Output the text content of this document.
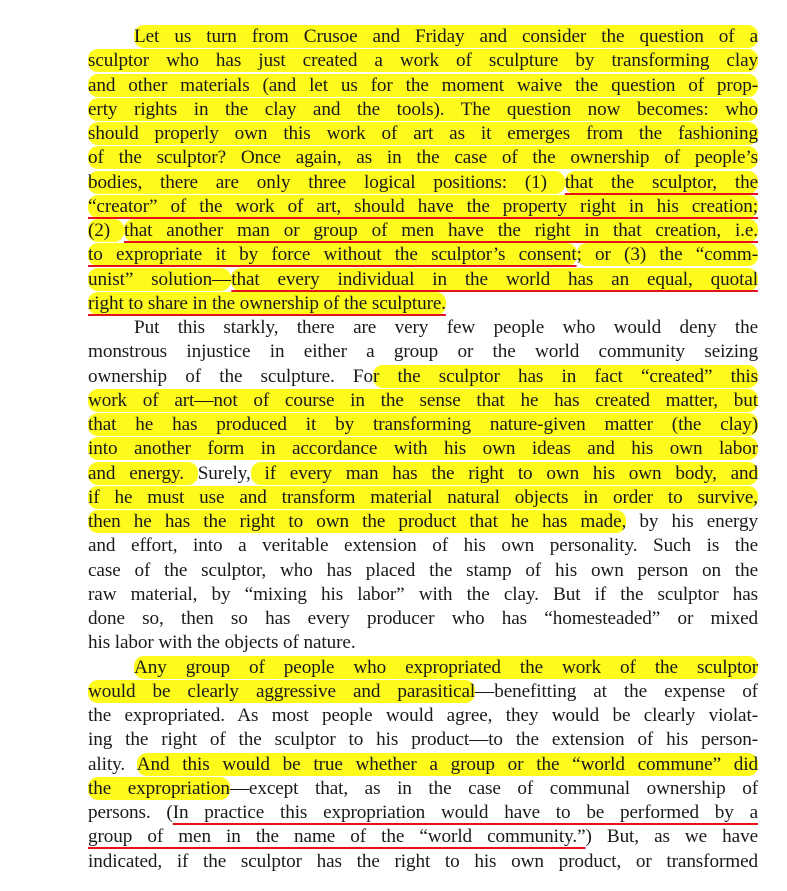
Let us turn from Crusoe and Friday and consider the question of a
sculptor who has just created a work of sculpture by transforming clay
and other materials (and let us for the moment waive the question of prop-
erty rights in the clay and the tools). The question now becomes: who
should properly own this work of art as it emerges from the fashioning
of the sculptor? Once again, as in the case of the ownership of people’s
bodies, there are only three logical positions: (1) that the sculptor, the
“creator” of the work of art, should have the property right in his creation;
(2) that another man or group of men have the right in that creation, i.e.
to expropriate it by force without the sculptor’s consent; or (3) the “comm-
unist” solution—that every individual in the world has an equal, quotal
right to share in the ownership of the sculpture.
Put this starkly, there are very few people who would deny the
monstrous injustice in either a group or the world community seizing
ownership of the sculpture. For the sculptor has in fact “created” this
work of art—not of course in the sense that he has created matter, but
that he has produced it by transforming nature-given matter (the clay)
into another form in accordance with his own ideas and his own labor
and energy. Surely, if every man has the right to own his own body, and
if he must use and transform material natural objects in order to survive,
then he has the right to own the product that he has made, by his energy
and effort, into a veritable extension of his own personality. Such is the
case of the sculptor, who has placed the stamp of his own person on the
raw material, by “mixing his labor” with the clay. But if the sculptor has
done so, then so has every producer who has “homesteaded” or mixed
his labor with the objects of nature.
Any group of people who expropriated the work of the sculptor
would be clearly aggressive and parasitical—benefitting at the expense of
the expropriated. As most people would agree, they would be clearly violat-
ing the right of the sculptor to his product—to the extension of his person-
ality. And this would be true whether a group or the “world commune” did
the expropriation—except that, as in the case of communal ownership of
persons. (In practice this expropriation would have to be performed by a
group of men in the name of the “world community.”) But, as we have
indicated, if the sculptor has the right to his own product, or transformed
